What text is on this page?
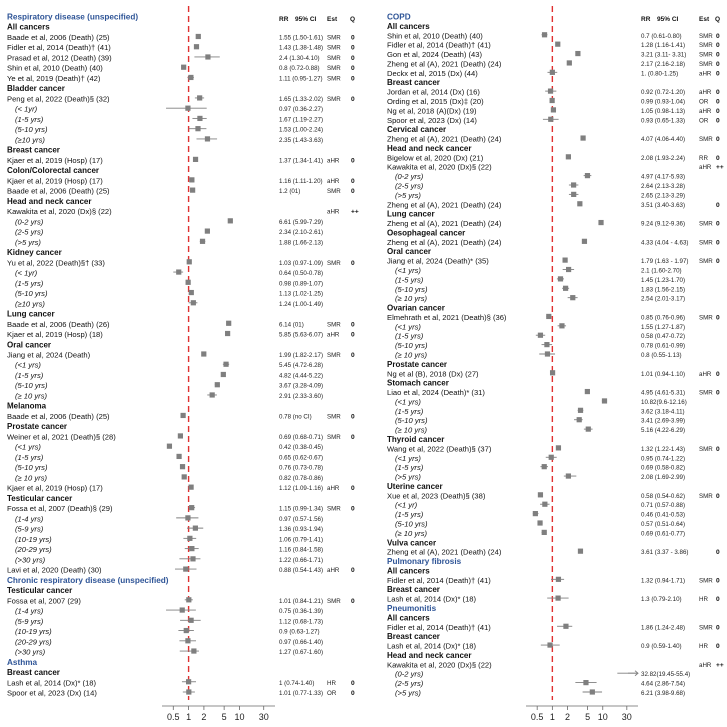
RR 95% CI Est Q
0.5 1 2 5 10 30
Respiratory disease (unspecified)
All cancers
Baade et al, 2006 (Death) (25)	1.55 (1.50-1.61) SMR 0
Fidler et al, 2014 (Death)† (41)	1.43 (1.38-1.48) SMR 0
Prasad et al, 2012 (Death) (39)	2.4 (1.30-4.10) SMR 0
Shin et al, 2010 (Death) (40)	0.8 (0.72-0.88) SMR 0
Ye et al, 2019 (Death)† (42)	1.11 (0.95-1.27) SMR 0
Bladder cancer
Peng et al, 2022 (Death)§ (32)	1.65 (1.33-2.02) SMR 0
(< 1yr)	0.97 (0.36-2.27)
(1-5 yrs)	1.67 (1.19-2.27)
(5-10 yrs)	1.53 (1.00-2.24)
(≥10 yrs)	2.35 (1.43-3.63)
Breast cancer
Kjaer et al, 2019 (Hosp) (17)	1.37 (1.34-1.41) aHR 0
Colon/Colorectal cancer
Kjaer et al, 2019 (Hosp) (17)	1.16 (1.11-1.20) aHR 0
Baade et al, 2006 (Death) (25)	1.2 (01)	SMR 0
Head and neck cancer
Kawakita et al, 2020 (Dx)§ (22)	aHR ++
(0-2 yrs)	6.61 (5.99-7.29)
(2-5 yrs)	2.34 (2.10-2.61)
(>5 yrs)	1.88 (1.66-2.13)
Kidney cancer
Yu et al, 2022 (Death)§† (33)	1.03 (0.97-1.09) SMR 0
(< 1yr)	0.64 (0.50-0.78)
(1-5 yrs)	0.98 (0.89-1.07)
(5-10 yrs)	1.13 (1.02-1.25)
(≥10 yrs)	1.24 (1.00-1.49)
Lung cancer
Baade et al, 2006 (Death) (26)	6.14 (01)	SMR 0
Kjaer et al, 2019 (Hosp) (18)	5.85 (5.63-6.07) aHR 0
Oral cancer
Jiang et al, 2024 (Death)	1.99 (1.82-2.17) SMR 0
(<1 yrs)	5.45 (4.72-6.28)
(1-5 yrs)	4.82 (4.44-5.22)
(5-10 yrs)	3.67 (3.28-4.09)
(≥ 10 yrs)	2.91 (2.33-3.60)
Melanoma
Baade et al, 2006 (Death) (25)	0.78 (no CI) SMR 0
Prostate cancer
Weiner et al, 2021 (Death)§ (28)	0.69 (0.68-0.71) SMR 0
(<1 yrs)	0.42 (0.38-0.45)
(1-5 yrs)	0.65 (0.62-0.67)
(5-10 yrs)	0.76 (0.73-0.78)
(≥ 10 yrs)	0.82 (0.78-0.86)
Kjaer et al, 2019 (Hosp) (17)	1.12 (1.09-1.16) aHR 0
Testicular cancer
Fossa et al, 2007 (Death)§ (29)	1.15 (0.99-1.34) SMR 0
(1-4 yrs)	0.97 (0.57-1.56)
(5-9 yrs)	1.36 (0.93-1.94)
(10-19 yrs)	1.06 (0.79-1.41)
(20-29 yrs)	1.16 (0.84-1.58)
(>30 yrs)	1.22 (0.66-1.71)
Lavi et al, 2020 (Death) (30)	0.88 (0.54-1.43) aHR 0
Chronic respiratory disease (unspecified)
Testicular cancer
Fossa et al, 2007 (29)	1.01 (0.84-1.21) SMR 0
(1-4 yrs)	0.75 (0.36-1.39)
(5-9 yrs)	1.12 (0.68-1.73)
(10-19 yrs)	0.9 (0.63-1.27)
(20-29 yrs)	0.97 (0.66-1.40)
(>30 yrs)	1.27 (0.67-1.60)
Asthma
Breast cancer
Lash et al, 2014 (Dx)* (18)	1 (0.74-1.40) HR 0
Spoor et al, 2023 (Dx) (14)	1.01 (0.77-1.33) OR 0
RR 95% CI	Est Q
0.5 1 2 5 10 30
COPD
All cancers
Shin et al, 2010 (Death) (40)	0.7 (0.61-0.80)	SMR 0
Fidler et al, 2014 (Death)† (41)	1.28 (1.16-1.41) SMR 0
Gon et al, 2024 (Death) (43)	3.21 (3.11- 3.31) SMR 0
Zheng et al (A), 2021 (Death) (24)	2.17 (2.16-2.18) SMR 0
Deckx et al, 2015 (Dx) (44)	1. (0.80-1.25)	aHR 0
Breast cancer
Jordan et al, 2014 (Dx) (16)	0.92 (0.72-1.20) aHR 0
Ording et al, 2015 (Dx)‡ (20)	0.99 (0.93-1.04) OR 0
Ng et al, 2018 (A)(Dx) (19)	1.05 (0.98-1.13) aHR 0
Spoor et al, 2023 (Dx) (14)	0.93 (0.65-1.33) OR 0
Cervical cancer
Zheng et al (A), 2021 (Death) (24)	4.07 (4.06-4.40) SMR 0
Head and neck cancer
Bigelow et al, 2020 (Dx) (21)	2.08 (1.93-2.24) RR 0
Kawakita et al, 2020 (Dx)§ (22)	aHR ++
(0-2 yrs)	4.97 (4.17-5.93)
(2-5 yrs)	2.64 (2.13-3.28)
(>5 yrs)	2.65 (2.13-3.29)
Zheng et al (A), 2021 (Death) (24)	3.51 (3.40-3.63)	0
Lung cancer
Zheng et al (A), 2021 (Death) (24)	9.24 (9.12-9.36) SMR 0
Oesophageal cancer
Zheng et al (A), 2021 (Death) (24)	4.33 (4.04 - 4.63) SMR 0
Oral cancer
Jiang et al, 2024 (Death)* (35)	1.79 (1.63 - 1.97) SMR 0
(<1 yrs)	2.1 (1.60-2.70)
(1-5 yrs)	1.45 (1.23-1.70)
(5-10 yrs)	1.83 (1.56-2.15)
(≥ 10 yrs)	2.54 (2.01-3.17)
Ovarian cancer
Elmehrath et al, 2021 (Death)§ (36)	0.85 (0.76-0.96) SMR 0
(<1 yrs)	1.55 (1.27-1.87)
(1-5 yrs)	0.58 (0.47-0.72)
(5-10 yrs)	0.78 (0.61-0.99)
(≥ 10 yrs)	0.8 (0.55-1.13)
Prostate cancer
Ng et al (B), 2018 (Dx) (27)	1.01 (0.94-1.10) aHR 0
Stomach cancer
Liao et al, 2024 (Death)* (31)	4.95 (4.61-5.31) SMR 0
(<1 yrs)	10.82(9.6-12.16)
(1-5 yrs)	3.62 (3.18-4.11)
(5-10 yrs)	3.41 (2.69-3.99)
(≥ 10 yrs)	5.16 (4.22-6.29)
Thyroid cancer
Wang et al, 2022 (Death)§ (37)	1.32 (1.22-1.43) SMR 0
(<1 yrs)	0.95 (0.74-1.22)
(1-5 yrs)	0.69 (0.58-0.82)
(>5 yrs)	2.08 (1.69-2.99)
Uterine cancer
Xue et al, 2023 (Death)§ (38)	0.58 (0.54-0.62) SMR 0
(<1 yr)	0.71 (0.57-0.88)
(1-5 yrs)	0.46 (0.41-0.53)
(5-10 yrs)	0.57 (0.51-0.64)
(≥ 10 yrs)	0.69 (0.61-0.77)
Vulva cancer
Zheng et al (A), 2021 (Death) (24)	3.61 (3.37 - 3.86)	0
Pulmonary fibrosis
All cancers
Fidler et al, 2014 (Death)† (41)	1.32 (0.94-1.71) SMR 0
Breast cancer
Lash et al, 2014 (Dx)* (18)	1.3 (0.79-2.10)	HR 0
Pneumonitis
All cancers
Fidler et al, 2014 (Death)† (41)	1.86 (1.24-2.48) SMR 0
Breast cancer
Lash et al, 2014 (Dx)* (18)	0.9 (0.59-1.40)	HR 0
Head and neck cancer
Kawakita et al, 2020 (Dx)§ (22)	aHR ++
(0-2 yrs)	32.82(19.45-55.4)
(2-5 yrs)	4.64 (2.86-7.54)
(>5 yrs)	6.21 (3.98-9.68)
